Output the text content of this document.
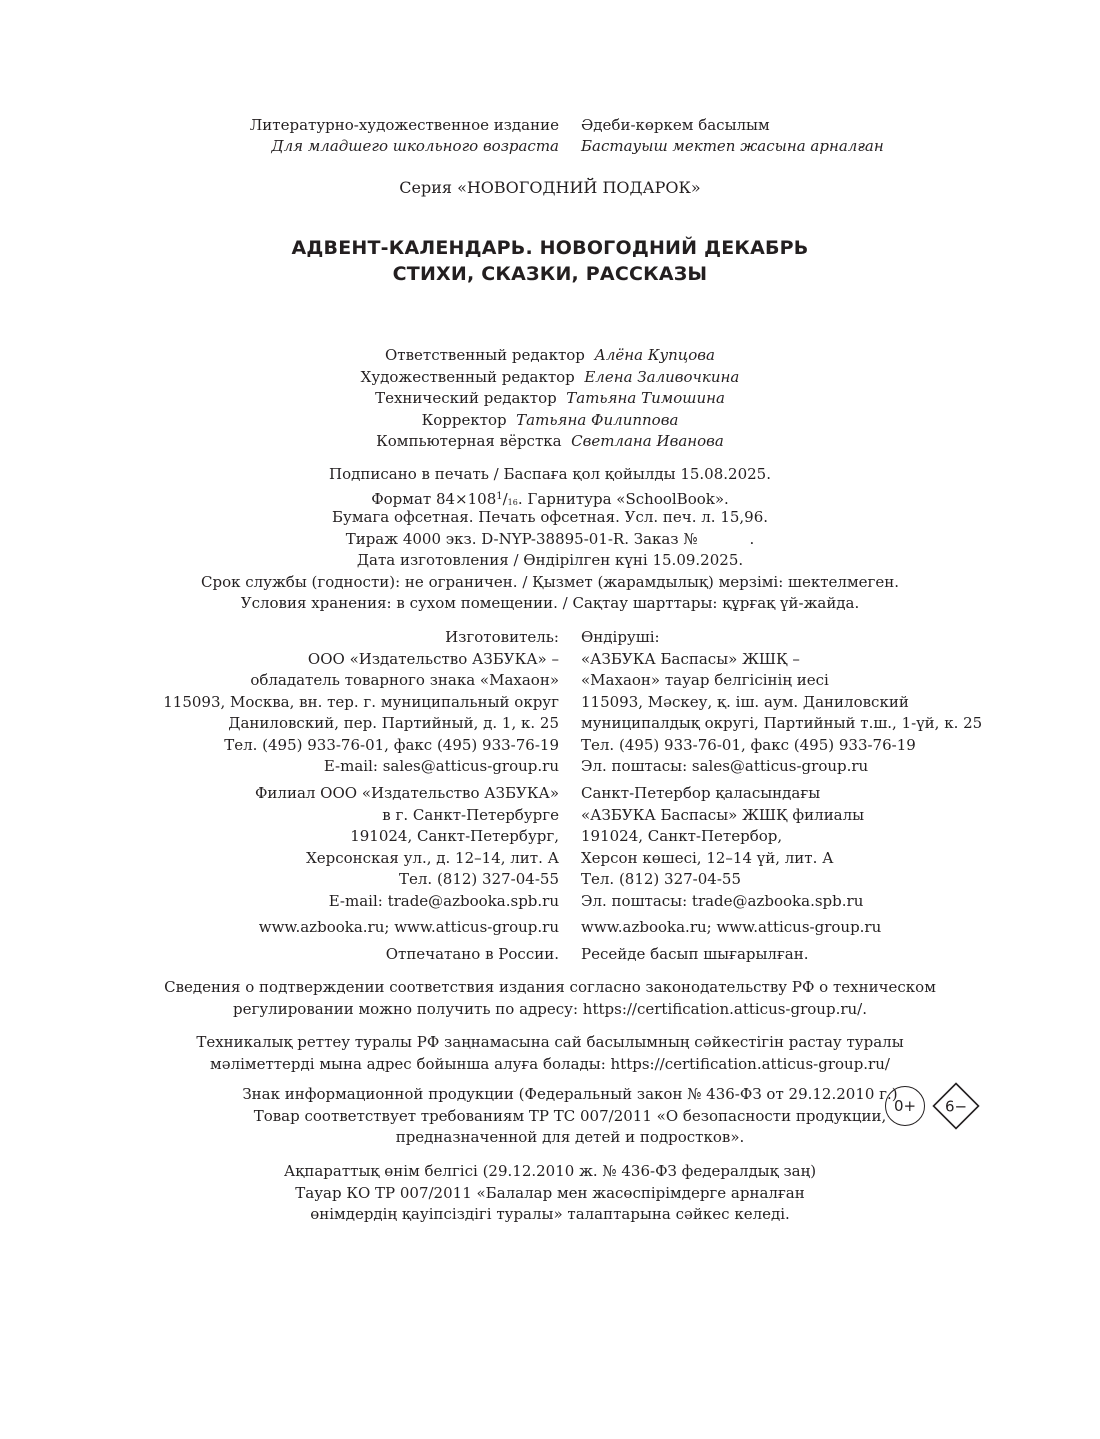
Литературно-художественное издание Әдеби-көркем басылым
Для младшего школьного возраста Бастауыш мектеп жасына арналған
Серия «НОВОГОДНИЙ ПОДАРОК»
АДВЕНТ-КАЛЕНДАРЬ. НОВОГОДНИЙ ДЕКАБРЬ
СТИХИ, СКАЗКИ, РАССКАЗЫ
Ответственный редактор Алёна Купцова
Художественный редактор Елена Заливочкина
Технический редактор Татьяна Тимошина
Корректор Татьяна Филиппова
Компьютерная вёрстка Светлана Иванова
Подписано в печать / Баспаға қол қойылды 15.08.2025.
Формат $84\times 108^1/16$. Гарнитура «SchoolBook».
Бумага офсетная. Печать офсетная. Усл. печ. л. 15,96.
Тираж 4000 экз. D-NYP-38895-01-R. Заказ №	.
Дата изготовления / Өндірілген күні 15.09.2025.
Срок службы (годности): не ограничен. / Қызмет (жарамдылық) мерзімі: шектелмеген.
Условия хранения: в сухом помещении. / Сақтау шарттары: құрғақ үй-жайда.
Изготовитель:
ООО «Издательство АЗБУКА» –
обладатель товарного знака «Махаон»
115093, Москва, вн. тер. г. муниципальный округ
Даниловский, пер. Партийный, д. 1, к. 25
Тел. (495) 933-76-01, факс (495) 933-76-19
E-mail: sales@atticus-group.ru
Өндіруші:
«АЗБУКА Баспасы» ЖШҚ –
«Махаон» тауар белгісінің иесі
115093, Мәскеу, қ. іш. аум. Даниловский
муниципалдық округі, Партийный т.ш., 1-үй, к. 25
Тел. (495) 933-76-01, факс (495) 933-76-19
Эл. поштасы: sales@atticus-group.ru
Филиал ООО «Издательство АЗБУКА»
в г. Санкт-Петербурге
191024, Санкт-Петербург,
Херсонская ул., д. 12–14, лит. А
Тел. (812) 327-04-55
E-mail: trade@azbooka.spb.ru
Санкт-Петербор қаласындағы
«АЗБУКА Баспасы» ЖШҚ филиалы
191024, Санкт-Петербор,
Херсон көшесі, 12–14 үй, лит. А
Тел. (812) 327-04-55
Эл. поштасы: trade@azbooka.spb.ru
www.azbooka.ru; www.atticus-group.ru www.azbooka.ru; www.atticus-group.ru
Отпечатано в России. Ресейде басып шығарылған.
Сведения о подтверждении соответствия издания согласно законодательству РФ о техническом
регулировании можно получить по адресу: https://certification.atticus-group.ru/.
Техникалық реттеу туралы РФ заңнамасына сай басылымның сәйкестігін растау туралы
мәліметтерді мына адрес бойынша алуға болады: https://certification.atticus-group.ru/
Знак информационной продукции (Федеральный закон № 436-ФЗ от 29.12.2010 г.)
Товар соответствует требованиям ТР ТС 007/2011 «О безопасности продукции,
предназначенной для детей и подростков».
0+ 6−
Ақпараттық өнім белгісі (29.12.2010 ж. № 436-ФЗ федералдық заң)
Тауар КО ТР 007/2011 «Балалар мен жасөспірімдерге арналған
өнімдердің қауіпсіздігі туралы» талаптарына сәйкес келеді.
